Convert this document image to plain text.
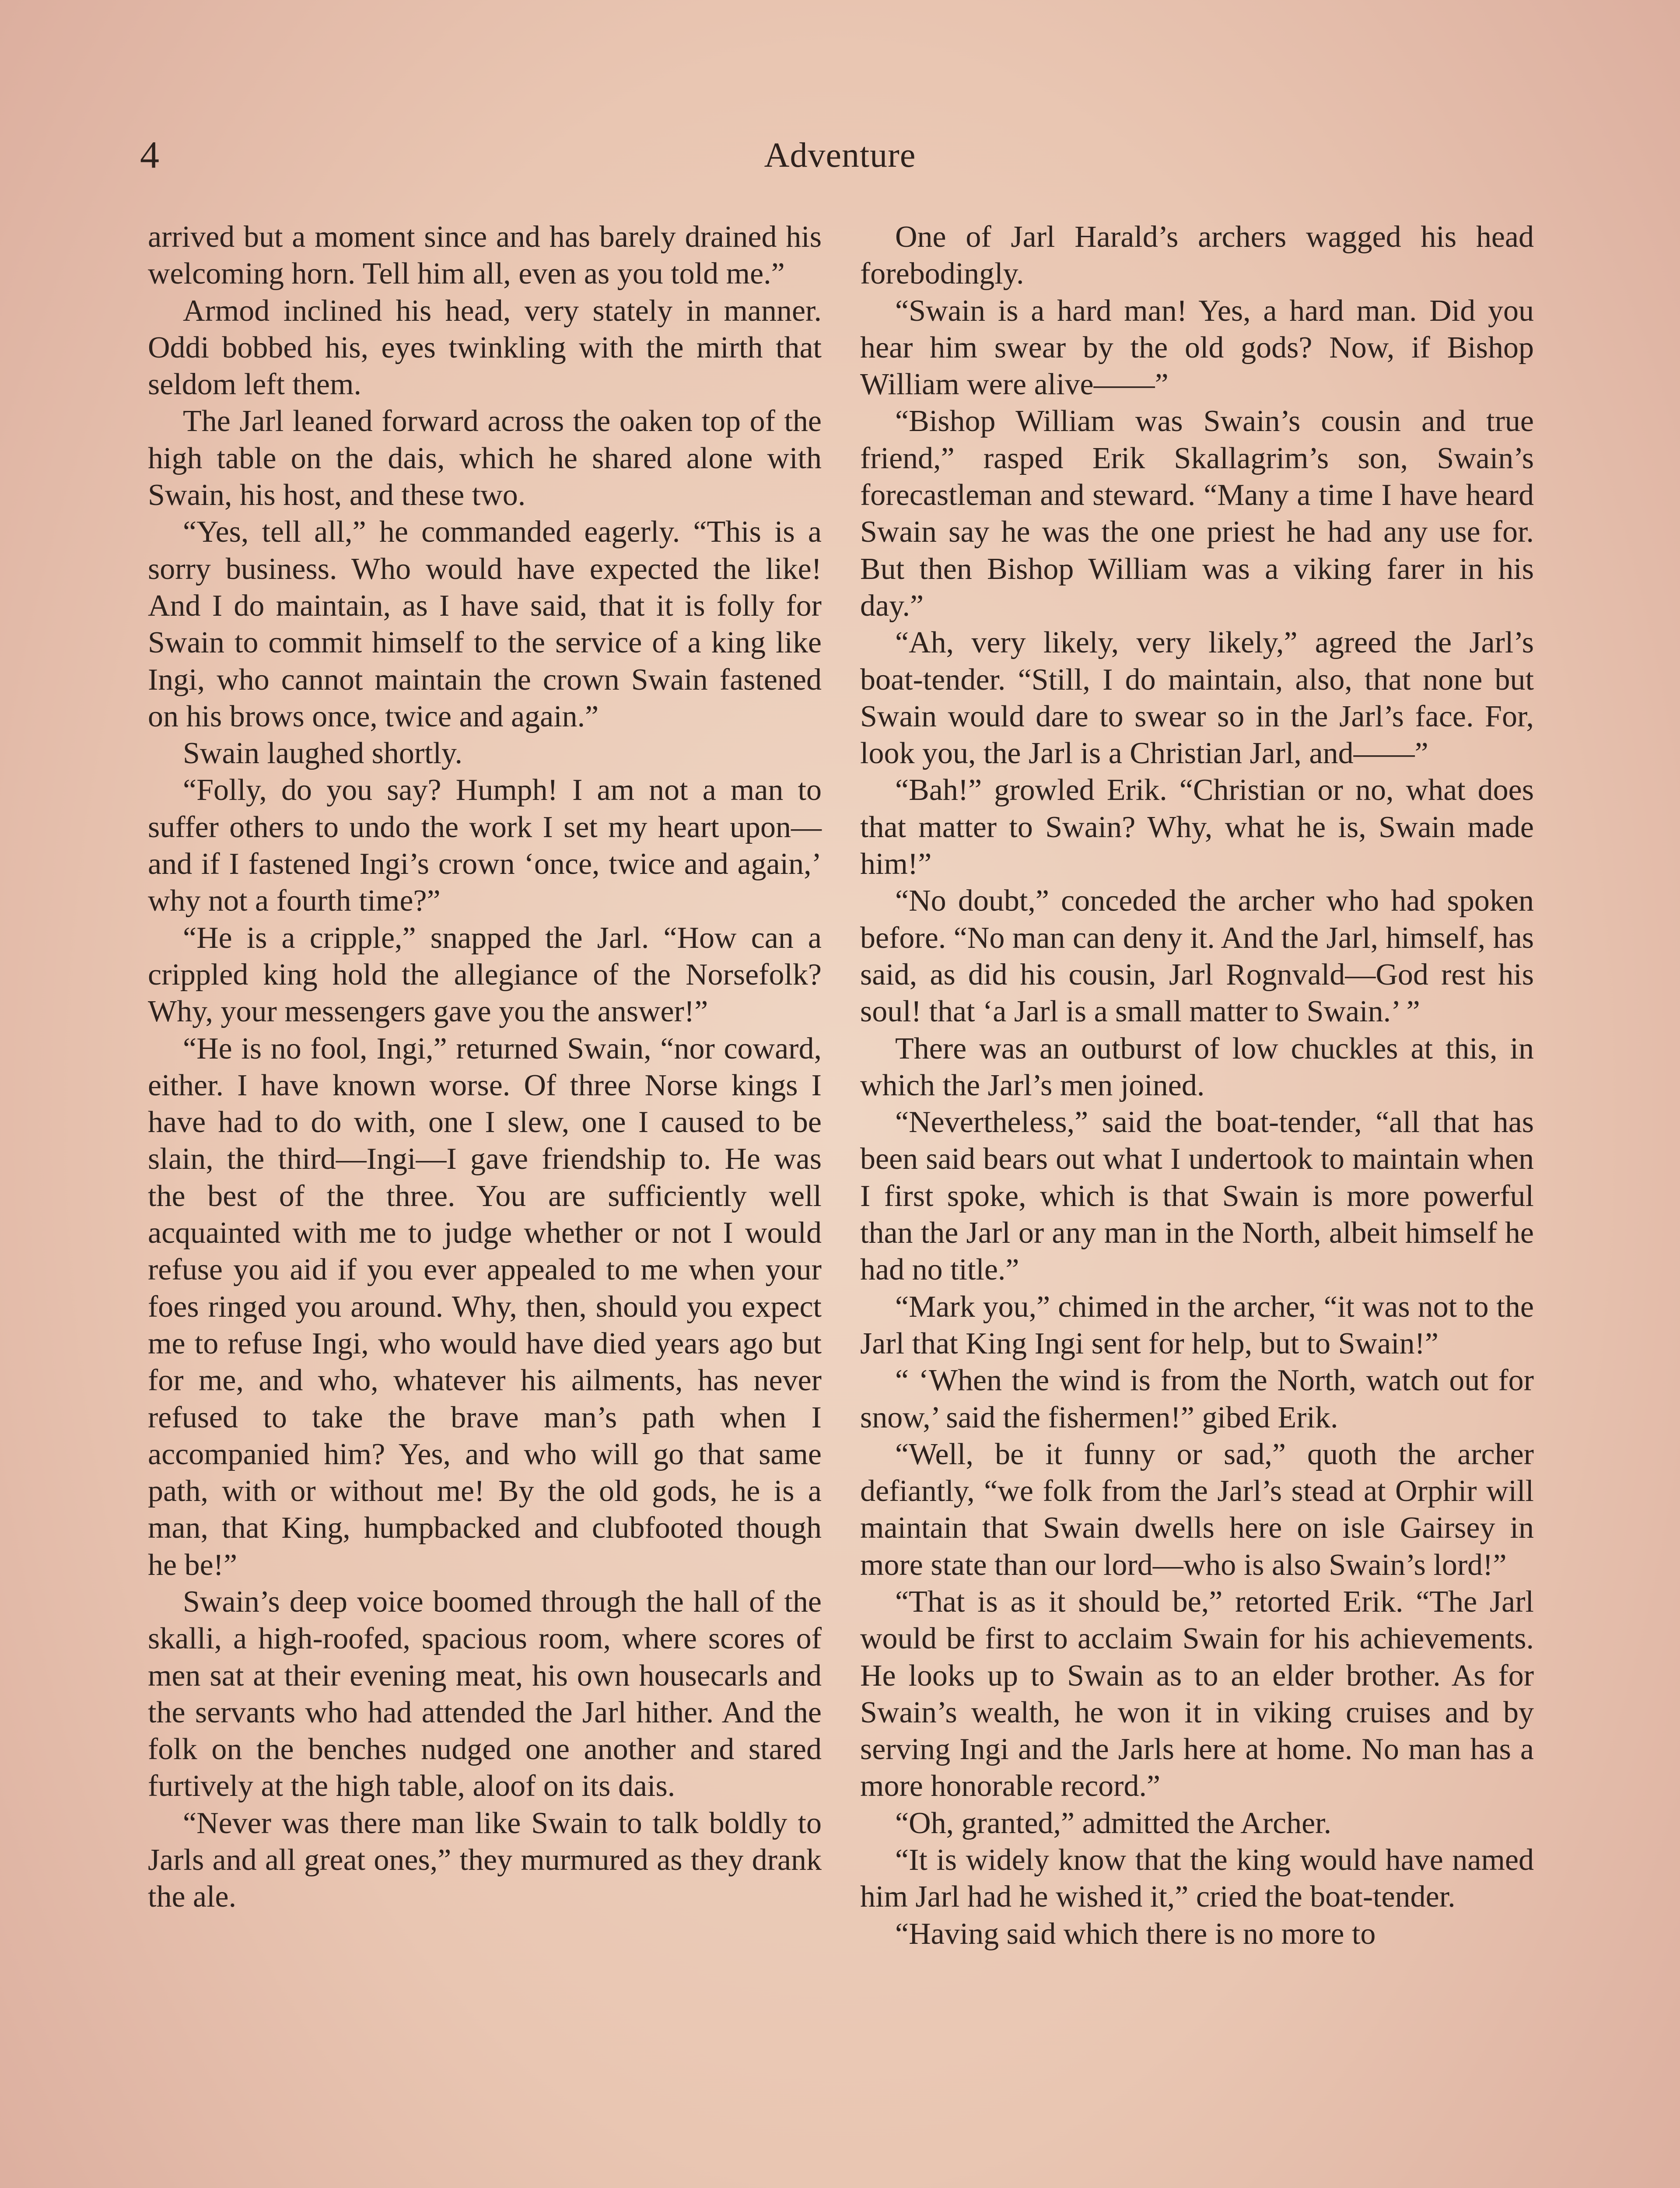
4	Adventure

arrived but a moment since and has barely drained his welcoming horn. Tell him all, even as you told me.”

Armod inclined his head, very stately in manner. Oddi bobbed his, eyes twinkling with the mirth that seldom left them.

The Jarl leaned forward across the oaken top of the high table on the dais, which he shared alone with Swain, his host, and these two.

“Yes, tell all,” he commanded eagerly. “This is a sorry business. Who would have expected the like! And I do maintain, as I have said, that it is folly for Swain to commit himself to the service of a king like Ingi, who cannot maintain the crown Swain fastened on his brows once, twice and again.”

Swain laughed shortly.

“Folly, do you say? Humph! I am not a man to suffer others to undo the work I set my heart upon—and if I fastened Ingi’s crown ‘once, twice and again,’ why not a fourth time?”

“He is a cripple,” snapped the Jarl. “How can a crippled king hold the allegiance of the Norsefolk? Why, your messengers gave you the answer!”

“He is no fool, Ingi,” returned Swain, “nor coward, either. I have known worse. Of three Norse kings I have had to do with, one I slew, one I caused to be slain, the third—Ingi—I gave friendship to. He was the best of the three. You are sufficiently well acquainted with me to judge whether or not I would refuse you aid if you ever appealed to me when your foes ringed you around. Why, then, should you expect me to refuse Ingi, who would have died years ago but for me, and who, whatever his ailments, has never refused to take the brave man’s path when I accompanied him? Yes, and who will go that same path, with or without me! By the old gods, he is a man, that King, humpbacked and clubfooted though he be!”

Swain’s deep voice boomed through the hall of the skalli, a high-roofed, spacious room, where scores of men sat at their evening meat, his own housecarls and the servants who had attended the Jarl hither. And the folk on the benches nudged one another and stared furtively at the high table, aloof on its dais.

“Never was there man like Swain to talk boldly to Jarls and all great ones,” they murmured as they drank the ale.

One of Jarl Harald’s archers wagged his head forebodingly.

“Swain is a hard man! Yes, a hard man. Did you hear him swear by the old gods? Now, if Bishop William were alive——”

“Bishop William was Swain’s cousin and true friend,” rasped Erik Skallagrim’s son, Swain’s forecastleman and steward. “Many a time I have heard Swain say he was the one priest he had any use for. But then Bishop William was a viking farer in his day.”

“Ah, very likely, very likely,” agreed the Jarl’s boat-tender. “Still, I do maintain, also, that none but Swain would dare to swear so in the Jarl’s face. For, look you, the Jarl is a Christian Jarl, and——”

“Bah!” growled Erik. “Christian or no, what does that matter to Swain? Why, what he is, Swain made him!”

“No doubt,” conceded the archer who had spoken before. “No man can deny it. And the Jarl, himself, has said, as did his cousin, Jarl Rognvald—God rest his soul! that ‘a Jarl is a small matter to Swain.’ ”

There was an outburst of low chuckles at this, in which the Jarl’s men joined.

“Nevertheless,” said the boat-tender, “all that has been said bears out what I undertook to maintain when I first spoke, which is that Swain is more powerful than the Jarl or any man in the North, albeit himself he had no title.”

“Mark you,” chimed in the archer, “it was not to the Jarl that King Ingi sent for help, but to Swain!”

“ ‘When the wind is from the North, watch out for snow,’ said the fishermen!” gibed Erik.

“Well, be it funny or sad,” quoth the archer defiantly, “we folk from the Jarl’s stead at Orphir will maintain that Swain dwells here on isle Gairsey in more state than our lord—who is also Swain’s lord!”

“That is as it should be,” retorted Erik. “The Jarl would be first to acclaim Swain for his achievements. He looks up to Swain as to an elder brother. As for Swain’s wealth, he won it in viking cruises and by serving Ingi and the Jarls here at home. No man has a more honorable record.”

“Oh, granted,” admitted the Archer.

“It is widely know that the king would have named him Jarl had he wished it,” cried the boat-tender.

“Having said which there is no more to
